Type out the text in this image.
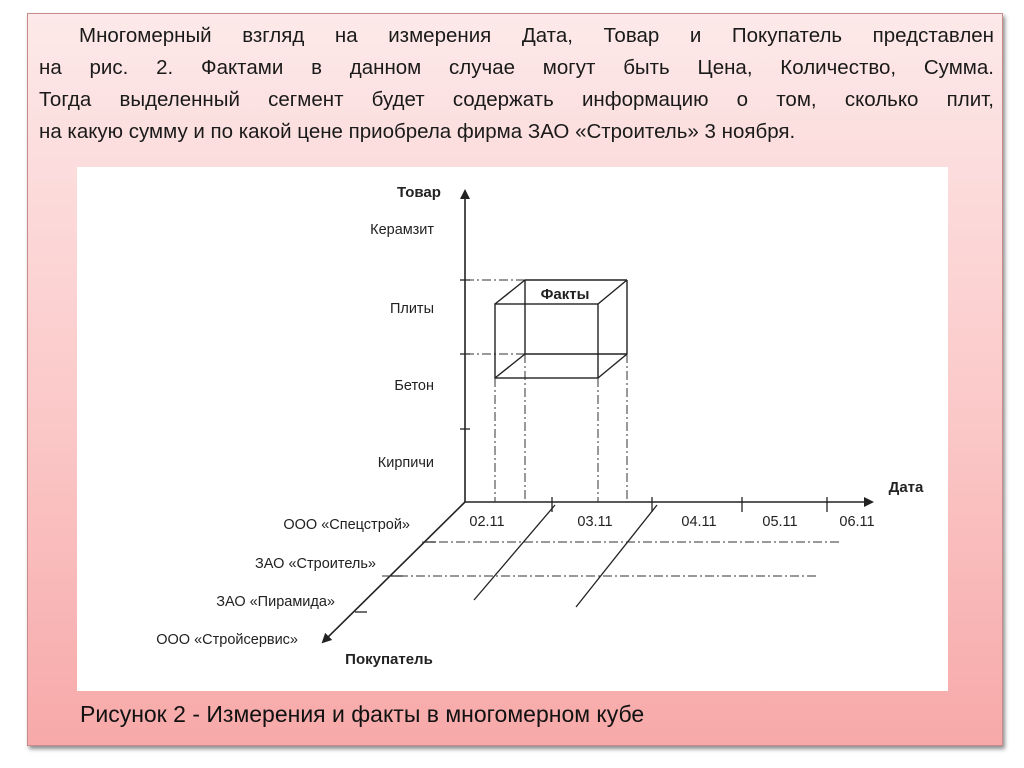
Многомерный взгляд на измерения Дата, Товар и Покупатель представлен
на рис. 2. Фактами в данном случае могут быть Цена, Количество, Сумма.
Тогда выделенный сегмент будет содержать информацию о том, сколько плит,
на какую сумму и по какой цене приобрела фирма ЗАО «Строитель» 3 ноября.
Факты
Товар
Дата
Покупатель
Керамзит
Плиты
Бетон
Кирпичи
02.11	03.11	04.11	05.11	06.11
ООО «Спецстрой»
ЗАО «Строитель»
ЗАО «Пирамида»
ООО «Стройсервис»
Рисунок 2 - Измерения и факты в многомерном кубе
